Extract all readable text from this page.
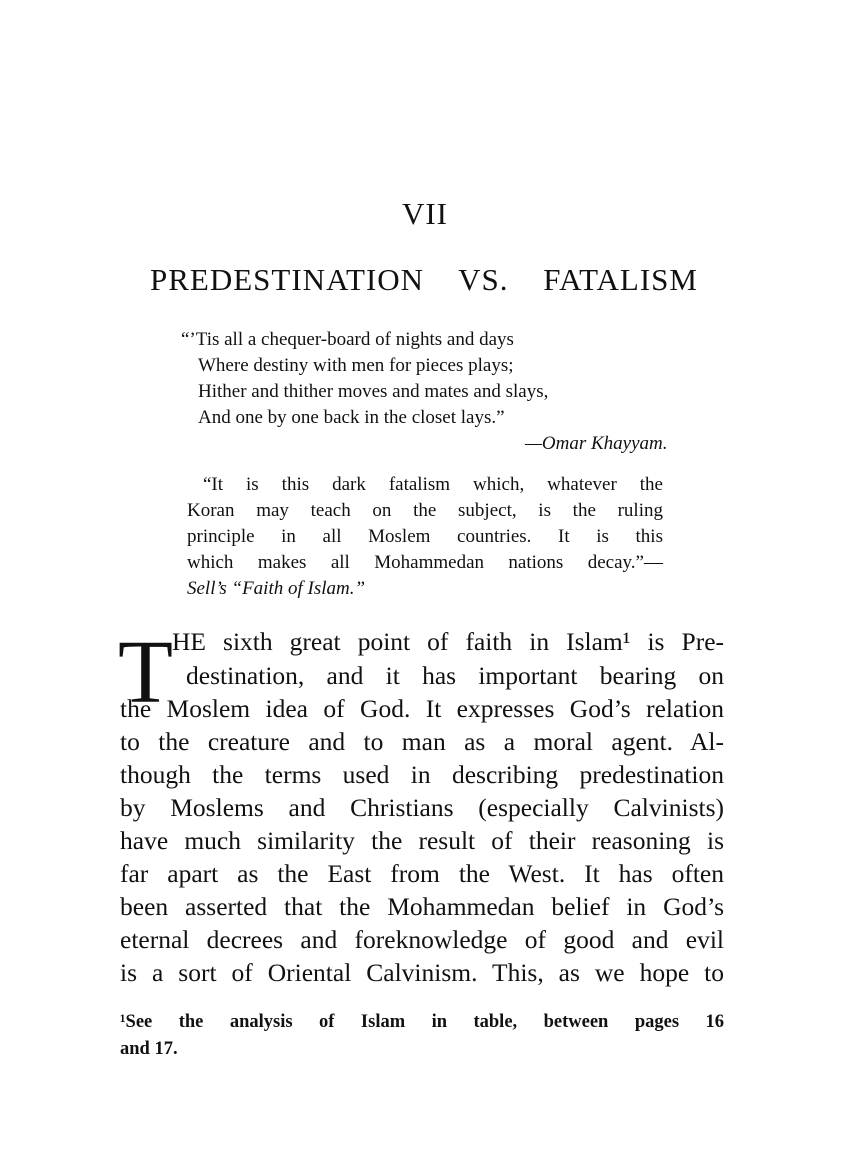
VII
PREDESTINATION VS. FATALISM
“’Tis all a chequer-board of nights and days
Where destiny with men for pieces plays;
Hither and thither moves and mates and slays,
And one by one back in the closet lays.”
—Omar Khayyam.
“It is this dark fatalism which, whatever the
Koran may teach on the subject, is the ruling
principle in all Moslem countries. It is this
which makes all Mohammedan nations decay.”—
Sell’s “Faith of Islam.”
T HE sixth great point of faith in Islam¹ is Pre-
destination, and it has important bearing on
the Moslem idea of God. It expresses God’s relation
to the creature and to man as a moral agent. Al-
though the terms used in describing predestination
by Moslems and Christians (especially Calvinists)
have much similarity the result of their reasoning is
far apart as the East from the West. It has often
been asserted that the Mohammedan belief in God’s
eternal decrees and foreknowledge of good and evil
is a sort of Oriental Calvinism. This, as we hope to
¹See the analysis of Islam in table, between pages 16
and 17.
